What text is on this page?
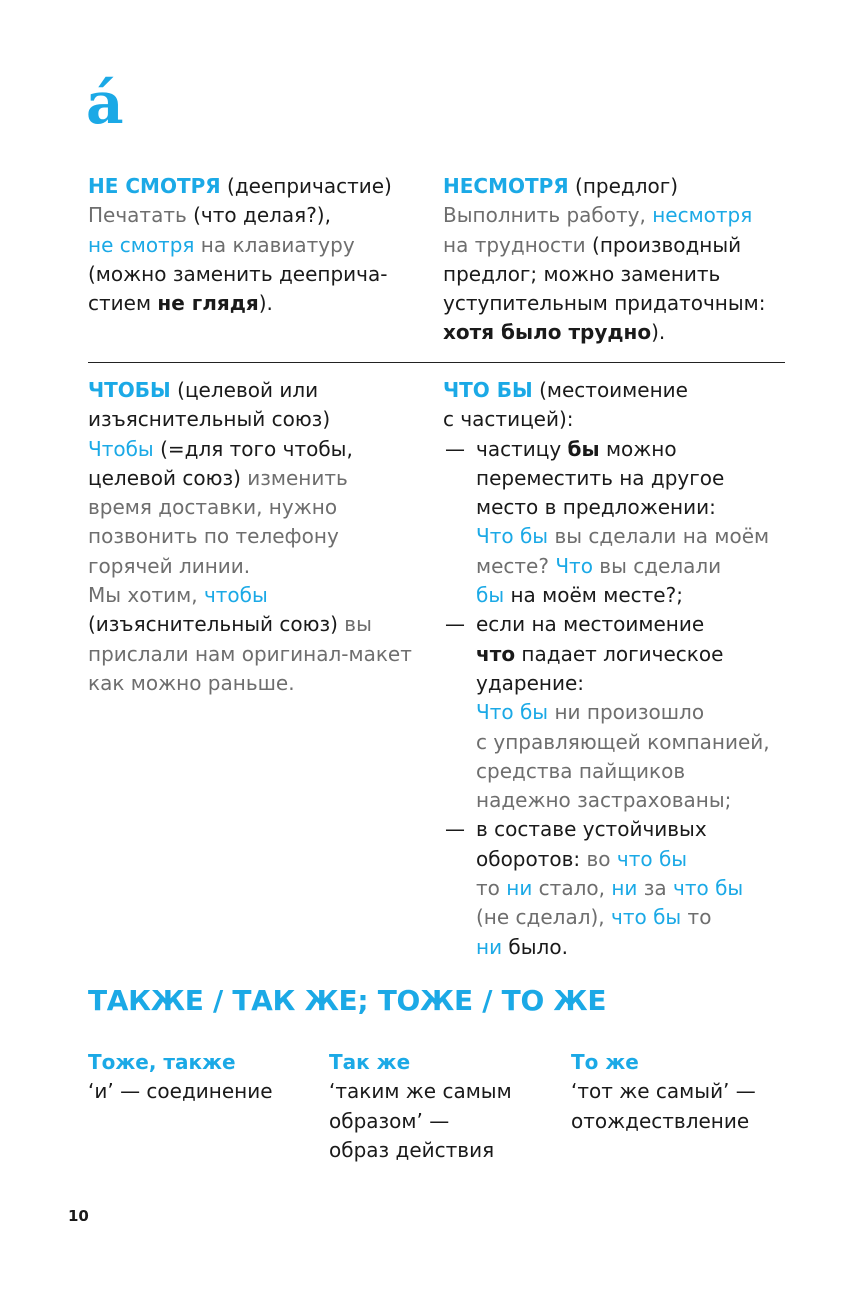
á

НЕ СМОТРЯ (деепричастие)

Печатать (что делая?),

не смотря на клавиатуру

(можно заменить дееприча-

стием не глядя).

НЕСМОТРЯ (предлог)

Выполнить работу, несмотря

на трудности (производный

предлог; можно заменить

уступительным придаточным:

хотя было трудно).

ЧТОБЫ (целевой или

изъяснительный союз)

Чтобы (=для того чтобы,

целевой союз) изменить

время доставки, нужно

позвонить по телефону

горячей линии.

Мы хотим, чтобы

(изъяснительный союз) вы

прислали нам оригинал-макет

как можно раньше.

ЧТО БЫ (местоимение

с частицей):

— частицу бы можно
переместить на другое
место в предложении:
Что бы вы сделали на моём
месте? Что вы сделали
бы на моём месте?;
— если на местоимение
что падает логическое
ударение:
Что бы ни произошло
с управляющей компанией,
средства пайщиков
надежно застрахованы;
— в составе устойчивых
оборотов: во что бы
то ни стало, ни за что бы
(не сделал), что бы то
ни было.
ТАКЖЕ / ТАК ЖЕ; ТОЖЕ / ТО ЖЕ
Тоже, также
‘и’ — соединение
Так же
‘таким же самым
образом’ —
образ действия
То же
‘тот же самый’ —
отождествление
10
